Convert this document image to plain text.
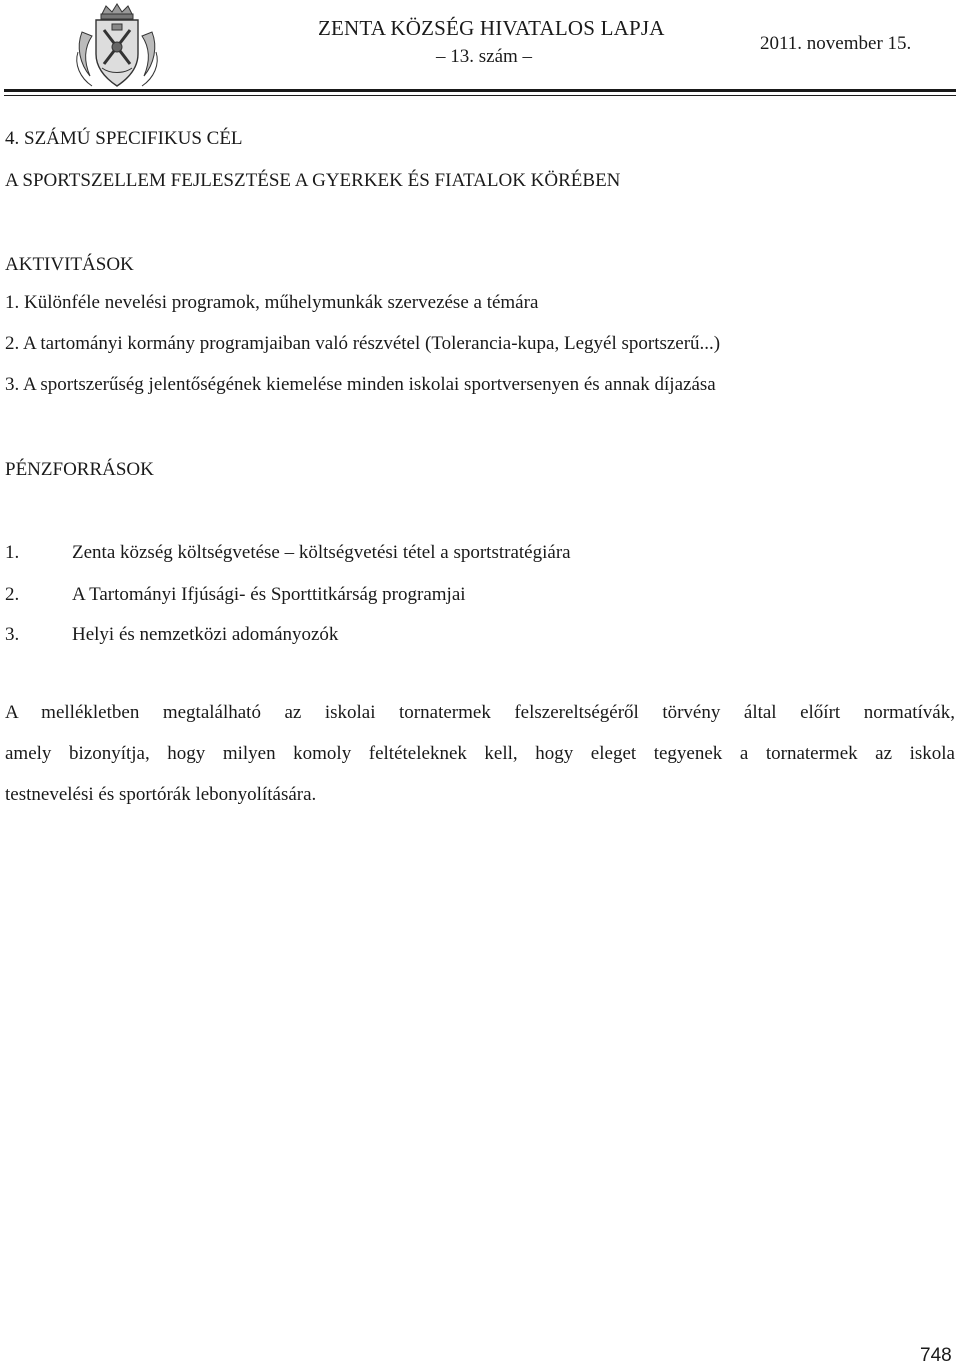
ZENTA KÖZSÉG HIVATALOS LAPJA
– 13. szám –
2011. november 15.
4. SZÁMÚ SPECIFIKUS CÉL
A SPORTSZELLEM FEJLESZTÉSE A GYERKEK ÉS FIATALOK KÖRÉBEN
AKTIVITÁSOK
1. Különféle nevelési programok, műhelymunkák szervezése a témára
2. A tartományi kormány programjaiban való részvétel (Tolerancia-kupa, Legyél sportszerű...)
3. A sportszerűség jelentőségének kiemelése minden iskolai sportversenyen és annak díjazása
PÉNZFORRÁSOK
1.	Zenta község költségvetése – költségvetési tétel a sportstratégiára
2.	A Tartományi Ifjúsági- és Sporttitkárság programjai
3.	Helyi és nemzetközi adományozók
A mellékletben megtalálható az iskolai tornatermek felszereltségéről törvény által előírt normatívák,
amely bizonyítja, hogy milyen komoly feltételeknek kell, hogy eleget tegyenek a tornatermek az iskola
testnevelési és sportórák lebonyolítására.
748
